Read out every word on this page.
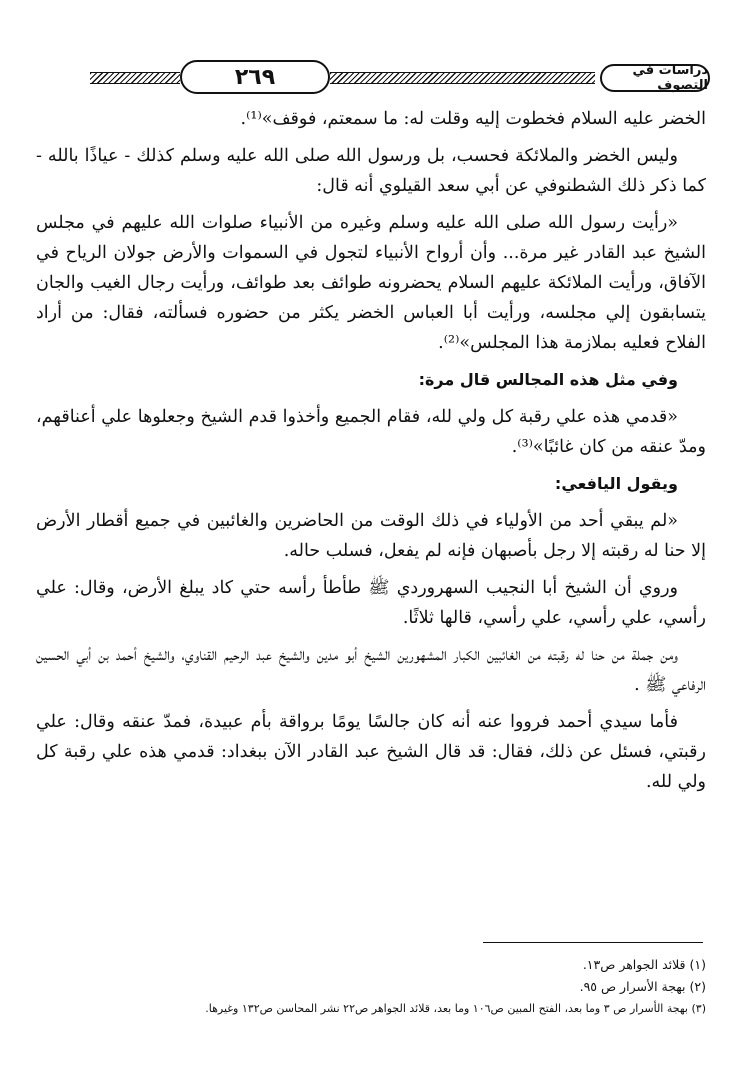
٢٦٩	دراسات في التصوف

الخضر عليه السلام فخطوت إليه وقلت له: ما سمعتم، فوقف»⁽¹⁾.

وليس الخضر والملائكة فحسب، بل ورسول الله صلى الله عليه وسلم كذلك - عياذًا بالله - كما ذكر ذلك الشطنوفي عن أبي سعد القيلوي أنه قال:

«رأيت رسول الله صلى الله عليه وسلم وغيره من الأنبياء صلوات الله عليهم في مجلس الشيخ عبد القادر غير مرة... وأن أرواح الأنبياء لتجول في السموات والأرض جولان الرياح في الآفاق، ورأيت الملائكة عليهم السلام يحضرونه طوائف بعد طوائف، ورأيت رجال الغيب والجان يتسابقون إلي مجلسه، ورأيت أبا العباس الخضر يكثر من حضوره فسألته، فقال: من أراد الفلاح فعليه بملازمة هذا المجلس»⁽²⁾.

وفي مثل هذه المجالس قال مرة:

«قدمي هذه علي رقبة كل ولي لله، فقام الجميع وأخذوا قدم الشيخ وجعلوها علي أعناقهم، ومدّ عنقه من كان غائبًا»⁽³⁾.

ويقول اليافعي:

«لم يبقي أحد من الأولياء في ذلك الوقت من الحاضرين والغائبين في جميع أقطار الأرض إلا حنا له رقبته إلا رجل بأصبهان فإنه لم يفعل، فسلب حاله.

وروي أن الشيخ أبا النجيب السهروردي ﷺ طأطأ رأسه حتي كاد يبلغ الأرض، وقال: علي رأسي، علي رأسي، علي رأسي، قالها ثلاثًا.

ومن جملة من حنا له رقبته من الغائبين الكبار المشهورين الشيخ أبو مدين والشيخ عبد الرحيم القناوي، والشيخ أحمد بن أبي الحسين الرفاعي ﷺ .

فأما سيدي أحمد فرووا عنه أنه كان جالسًا يومًا برواقة بأم عبيدة، فمدّ عنقه وقال: علي رقبتي، فسئل عن ذلك، فقال: قد قال الشيخ عبد القادر الآن ببغداد: قدمي هذه علي رقبة كل ولي لله.

(١) قلائد الجواهر ص١٣.
(٢) بهجة الأسرار ص ٩٥.
(٣) بهجة الأسرار ص ٣ وما بعد، الفتح المبين ص١٠٦ وما بعد، قلائد الجواهر ص٢٢ نشر المحاسن ص١٣٢ وغيرها.
